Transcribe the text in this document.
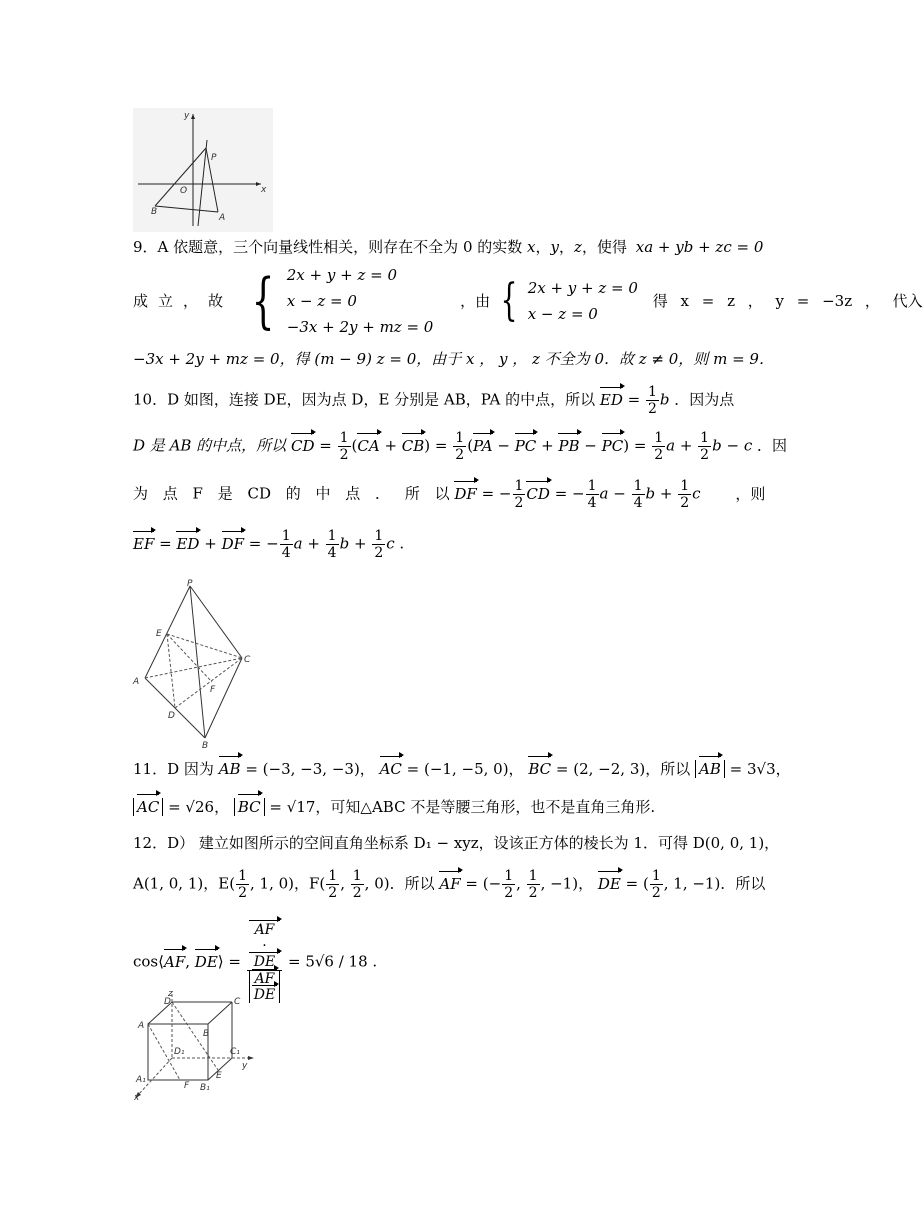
y
x
P
O
B
A
9．A 依题意，三个向量线性相关，则存在不全为 0 的实数 x，y，z，使得 xa + yb + zc = 0
成立，故 { 2x + y + z = 0
x − z = 0
−3x + 2y + mz = 0
，由 { 2x + y + z = 0
x − z = 0
得 x = z ， y = −3z ， 代入
−3x + 2y + mz = 0，得 (m − 9) z = 0，由于 x ， y ， z 不全为 0．故 z ≠ 0，则 m = 9．
10．D 如图，连接 DE，因为点 D，E 分别是 AB，PA 的中点，所以 ED = $\frac{1}{2}$ b ．因为点
D 是 AB 的中点，所以 CD = $\frac{1}{2} (CA + CB) = \frac{1}{2} (PA$ − PC + PB − $PC) = \frac{1}{2}$ $a + \frac{1}{2}$ b − c ．因
为 点 F 是 CD 的 中 点 ． 所 以 DF = − $\frac{1}{2}$ CD = − $\frac{1}{4}$ $a - \frac{1}{4}$ $b + \frac{1}{2}$ c ，则
EF = ED + DF = − $\frac{1}{4}$ $a + \frac{1}{4}$ $b + \frac{1}{2}$ c .
P
E
C
A
F
D
B
11．D 因为 AB = (−3, −3, −3)， AC = (−1, −5, 0)， BC = (2, −2, 3)，所以 AB = 3√3，
AC = √26， BC = √17，可知△ABC 不是等腰三角形，也不是直角三角形.
12．D） 建立如图所示的空间直角坐标系 D₁ − xyz，设该正方体的棱长为 1．可得 D(0, 0, 1)，
A(1, 0, 1)，$E( \frac{1}{2}$ , 1, 0)，$F( \frac{1}{2}$ , $\frac{1}{2}$ , 0)．所以 AF = (− $\frac{1}{2}$ , $\frac{1}{2}$ , −1)， DE = ( $\frac{1}{2}$ , 1, −1)．所以
cos⟨AF, DE⟩ = AF
·
DE
AF
DE = 5√6 / 18 .
z
D	C
A
B
D₁	C₁
y
A₁
F
E
B₁
x
